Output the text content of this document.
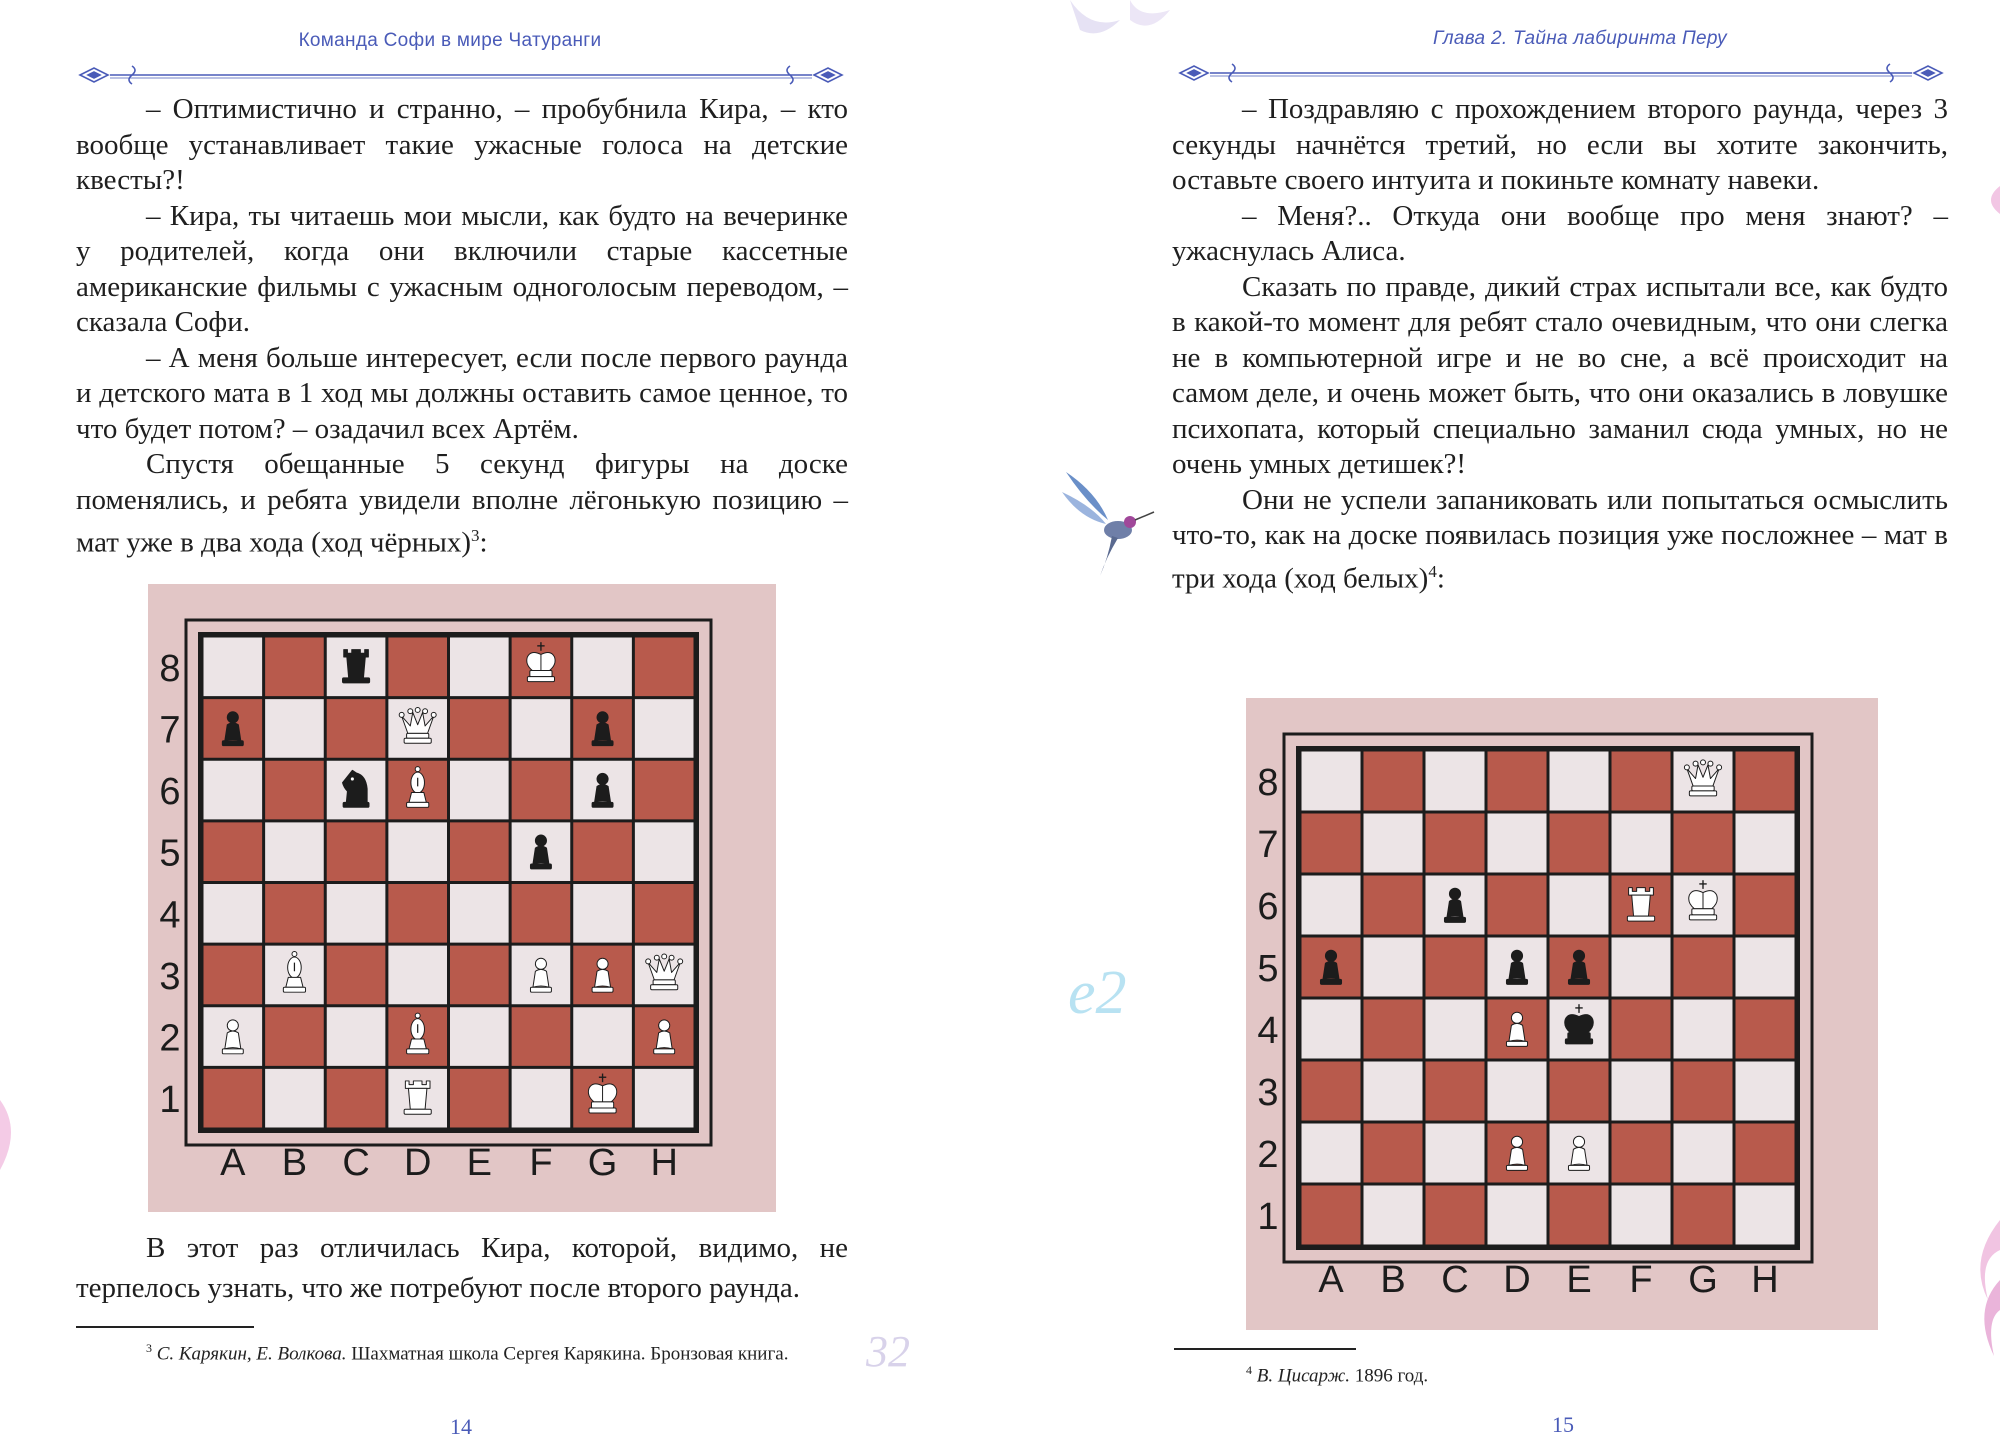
Команда Софи в мире Чатуранги

– Оптимистично и странно, – пробубнила Кира, – кто вообще устанавливает такие ужасные голоса на детские квесты?!

– Кира, ты читаешь мои мысли, как будто на вечеринке у родителей, когда они включили старые кассетные американские фильмы с ужасным одноголосым переводом, – сказала Софи.

– А меня больше интересует, если после первого раунда и детского мата в 1 ход мы должны оставить самое ценное, то что будет потом? – озадачил всех Артём.

Спустя обещанные 5 секунд фигуры на доске поменялись, и ребята увидели вполне лёгонькую позицию – мат уже в два хода (ход чёрных)$^3$:

8
7
6
5
4
3
2
1
A B C D E F G H

В этот раз отличилась Кира, которой, видимо, не терпелось узнать, что же потребуют после второго раунда.

$^3$ С. Карякин, Е. Волкова. Шахматная школа Сергея Карякина. Бронзовая книга.	32
14
Глава 2. Тайна лабиринта Перу

– Поздравляю с прохождением второго раунда, через 3 секунды начнётся третий, но если вы хотите закончить, оставьте своего интуита и покиньте комнату навеки.

– Меня?.. Откуда они вообще про меня знают? – ужаснулась Алиса.

Сказать по правде, дикий страх испытали все, как будто в какой-то момент для ребят стало очевидным, что они слегка не в компьютерной игре и не во сне, а всё происходит на самом деле, и очень может быть, что они оказались в ловушке психопата, который специально заманил сюда умных, но не очень умных детишек?!

Они не успели запаниковать или попытаться осмыслить что-то, как на доске появилась позиция уже посложнее – мат в три хода (ход белых)$^4$:

8
7
6
5
4
3
2
1
A B C D E F G H
$^4$ В. Цисарж. 1896 год.
15
e2
